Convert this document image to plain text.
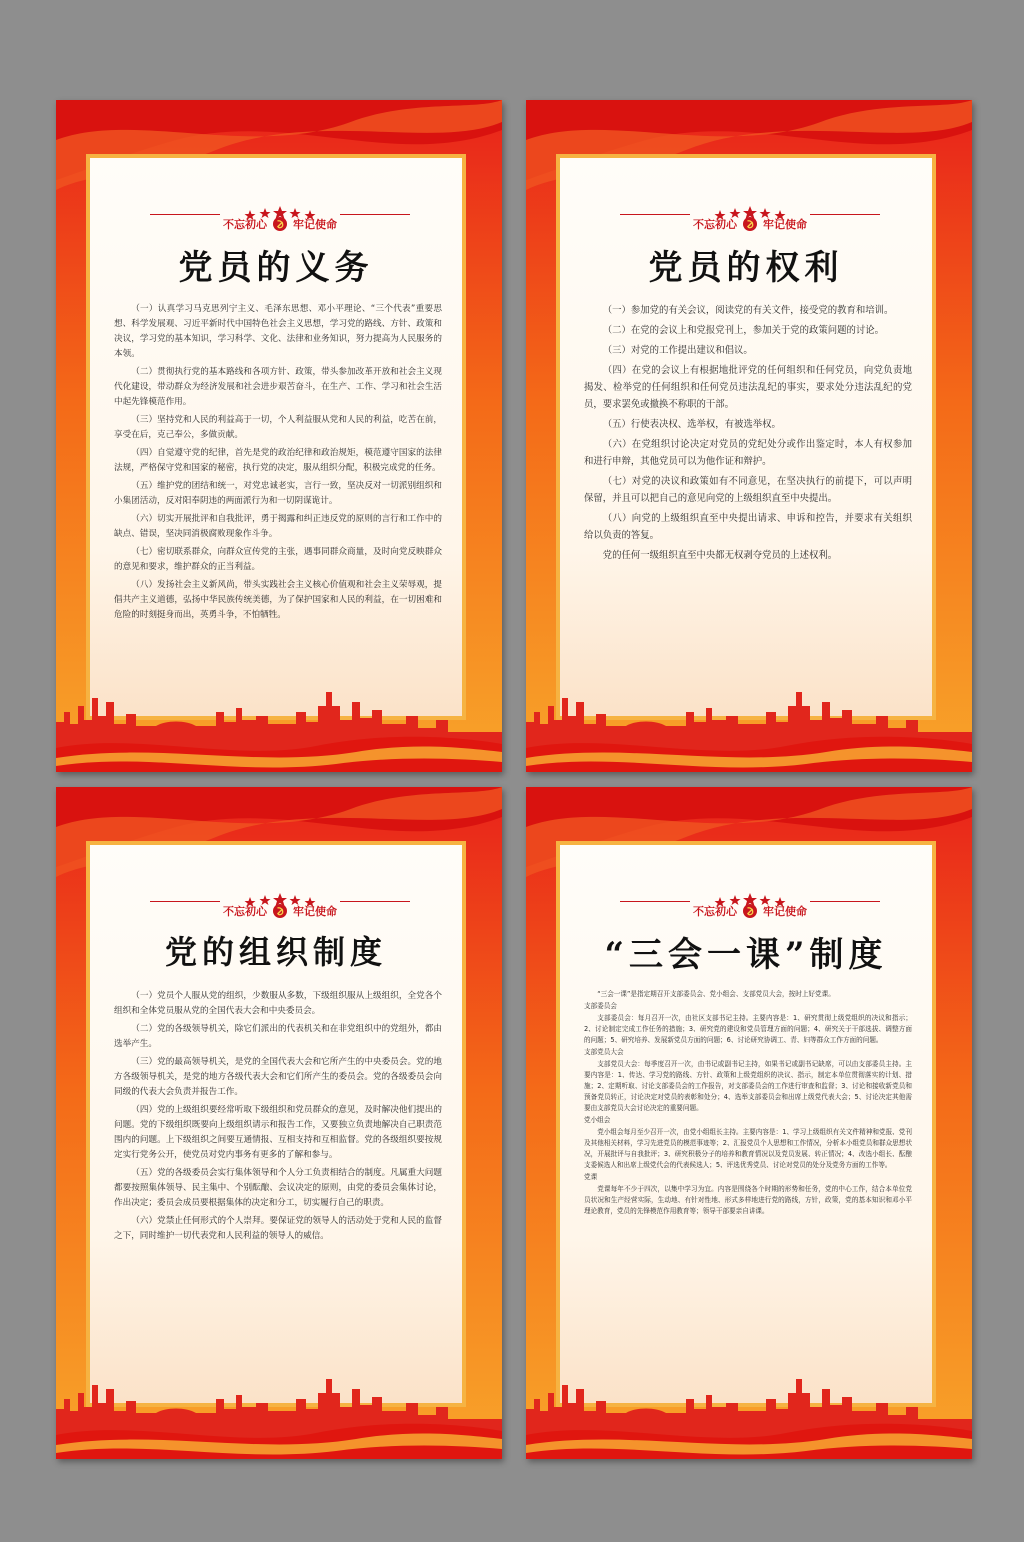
不忘初心 牢记使命
党员的义务

（一）认真学习马克思列宁主义、毛泽东思想、邓小平理论、“三个代表”重要思想、科学发展观、习近平新时代中国特色社会主义思想，学习党的路线、方针、政策和决议，学习党的基本知识，学习科学、文化、法律和业务知识，努力提高为人民服务的本领。

（二）贯彻执行党的基本路线和各项方针、政策，带头参加改革开放和社会主义现代化建设，带动群众为经济发展和社会进步艰苦奋斗，在生产、工作、学习和社会生活中起先锋模范作用。

（三）坚持党和人民的利益高于一切，个人利益服从党和人民的利益，吃苦在前，享受在后，克己奉公，多做贡献。

（四）自觉遵守党的纪律，首先是党的政治纪律和政治规矩，模范遵守国家的法律法规，严格保守党和国家的秘密，执行党的决定，服从组织分配，积极完成党的任务。

（五）维护党的团结和统一，对党忠诚老实，言行一致，坚决反对一切派别组织和小集团活动，反对阳奉阴违的两面派行为和一切阴谋诡计。

（六）切实开展批评和自我批评，勇于揭露和纠正违反党的原则的言行和工作中的缺点、错误，坚决同消极腐败现象作斗争。

（七）密切联系群众，向群众宣传党的主张，遇事同群众商量，及时向党反映群众的意见和要求，维护群众的正当利益。

（八）发扬社会主义新风尚，带头实践社会主义核心价值观和社会主义荣辱观，提倡共产主义道德，弘扬中华民族传统美德，为了保护国家和人民的利益，在一切困难和危险的时刻挺身而出，英勇斗争，不怕牺牲。

不忘初心 牢记使命
党员的权利

（一）参加党的有关会议，阅读党的有关文件，接受党的教育和培训。

（二）在党的会议上和党报党刊上，参加关于党的政策问题的讨论。

（三）对党的工作提出建议和倡议。

（四）在党的会议上有根据地批评党的任何组织和任何党员，向党负责地揭发、检举党的任何组织和任何党员违法乱纪的事实，要求处分违法乱纪的党员，要求罢免或撤换不称职的干部。

（五）行使表决权、选举权，有被选举权。

（六）在党组织讨论决定对党员的党纪处分或作出鉴定时，本人有权参加和进行申辩，其他党员可以为他作证和辩护。

（七）对党的决议和政策如有不同意见，在坚决执行的前提下，可以声明保留，并且可以把自己的意见向党的上级组织直至中央提出。

（八）向党的上级组织直至中央提出请求、申诉和控告，并要求有关组织给以负责的答复。

党的任何一级组织直至中央都无权剥夺党员的上述权利。

不忘初心 牢记使命
党的组织制度

（一）党员个人服从党的组织，少数服从多数，下级组织服从上级组织，全党各个组织和全体党员服从党的全国代表大会和中央委员会。

（二）党的各级领导机关，除它们派出的代表机关和在非党组织中的党组外，都由选举产生。

（三）党的最高领导机关，是党的全国代表大会和它所产生的中央委员会。党的地方各级领导机关，是党的地方各级代表大会和它们所产生的委员会。党的各级委员会向同级的代表大会负责并报告工作。

（四）党的上级组织要经常听取下级组织和党员群众的意见，及时解决他们提出的问题。党的下级组织既要向上级组织请示和报告工作，又要独立负责地解决自己职责范围内的问题。上下级组织之间要互通情报、互相支持和互相监督。党的各级组织要按规定实行党务公开，使党员对党内事务有更多的了解和参与。

（五）党的各级委员会实行集体领导和个人分工负责相结合的制度。凡属重大问题都要按照集体领导、民主集中、个别酝酿、会议决定的原则，由党的委员会集体讨论，作出决定；委员会成员要根据集体的决定和分工，切实履行自己的职责。

（六）党禁止任何形式的个人崇拜。要保证党的领导人的活动处于党和人民的监督之下，同时维护一切代表党和人民利益的领导人的威信。

不忘初心 牢记使命
“三会一课”制度

“三会一课”是指定期召开支部委员会、党小组会、支部党员大会，按时上好党课。

支部委员会

支部委员会：每月召开一次，由社区支部书记主持。主要内容是：1、研究贯彻上级党组织的决议和指示；2、讨论制定完成工作任务的措施；3、研究党的建设和党员管理方面的问题；4、研究关于干部选拔、调整方面的问题；5、研究培养、发展新党员方面的问题；6、讨论研究协调工、青、妇等群众工作方面的问题。

支部党员大会

支部党员大会：每季度召开一次，由书记或副书记主持，如果书记或副书记缺席，可以由支部委员主持。主要内容是：1、传达、学习党的路线、方针、政策和上级党组织的决议、指示，制定本单位贯彻落实的计划、措施；2、定期听取、讨论支部委员会的工作报告，对支部委员会的工作进行审查和监督；3、讨论和接收新党员和预备党员转正，讨论决定对党员的表彰和处分；4、选举支部委员会和出席上级党代表大会；5、讨论决定其他需要由支部党员大会讨论决定的重要问题。

党小组会

党小组会每月至少召开一次，由党小组组长主持。主要内容是：1、学习上级组织有关文件精神和党报、党刊及其他相关材料，学习先进党员的模范事迹等；2、汇报党员个人思想和工作情况，分析本小组党员和群众思想状况，开展批评与自我批评；3、研究积极分子的培养和教育情况以及党员发展、转正情况；4、改选小组长、酝酿支委候选人和出席上级党代会的代表候选人；5、评选优秀党员、讨论对党员的处分及党务方面的工作等。

党课

党课每年不少于四次，以集中学习为宜。内容是围绕各个时期的形势和任务，党的中心工作，结合本单位党员状况和生产经营实际，生动地、有针对性地、形式多样地进行党的路线，方针，政策，党的基本知识和邓小平理论教育，党员的先锋模范作用教育等；领导干部要亲自讲课。
